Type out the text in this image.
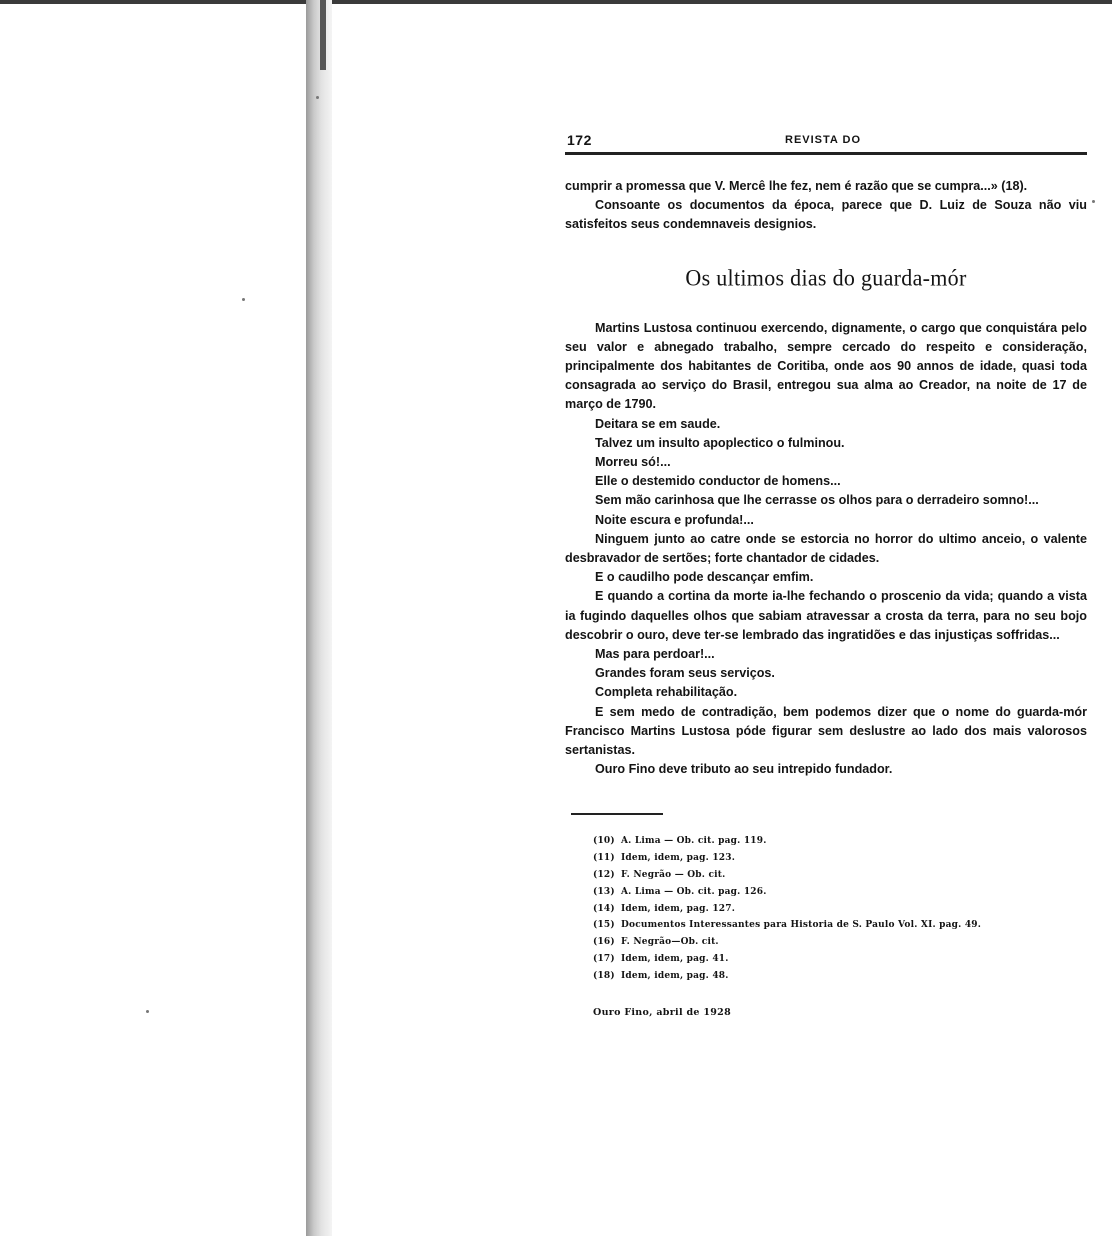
172	REVISTA DO

cumprir a promessa que V. Mercê lhe fez, nem é razão que se cumpra...» (18).

Consoante os documentos da época, parece que D. Luiz de Souza não viu satisfeitos seus condemnaveis designios.

Os ultimos dias do guarda-mór

Martins Lustosa continuou exercendo, dignamente, o cargo que conquistára pelo seu valor e abnegado trabalho, sempre cercado do respeito e consideração, principalmente dos habitantes de Coritiba, onde aos 90 annos de idade, quasi toda consagrada ao serviço do Brasil, entregou sua alma ao Creador, na noite de 17 de março de 1790.

Deitara se em saude.

Talvez um insulto apoplectico o fulminou.

Morreu só!...

Elle o destemido conductor de homens...

Sem mão carinhosa que lhe cerrasse os olhos para o derradeiro somno!...

Noite escura e profunda!...

Ninguem junto ao catre onde se estorcia no horror do ultimo anceio, o valente desbravador de sertões; forte chantador de cidades.

E o caudilho pode descançar emfim.

E quando a cortina da morte ia-lhe fechando o proscenio da vida; quando a vista ia fugindo daquelles olhos que sabiam atravessar a crosta da terra, para no seu bojo descobrir o ouro, deve ter-se lembrado das ingratidões e das injustiças soffridas...

Mas para perdoar!...

Grandes foram seus serviços.

Completa rehabilitação.

E sem medo de contradição, bem podemos dizer que o nome do guarda-mór Francisco Martins Lustosa póde figurar sem deslustre ao lado dos mais valorosos sertanistas.

Ouro Fino deve tributo ao seu intrepido fundador.

(10) A. Lima — Ob. cit. pag. 119.
(11) Idem, idem, pag. 123.
(12) F. Negrão — Ob. cit.
(13) A. Lima — Ob. cit. pag. 126.
(14) Idem, idem, pag. 127.
(15) Documentos Interessantes para Historia de S. Paulo Vol. XI. pag. 49.
(16) F. Negrão—Ob. cit.
(17) Idem, idem, pag. 41.
(18) Idem, idem, pag. 48.
Ouro Fino, abril de 1928
